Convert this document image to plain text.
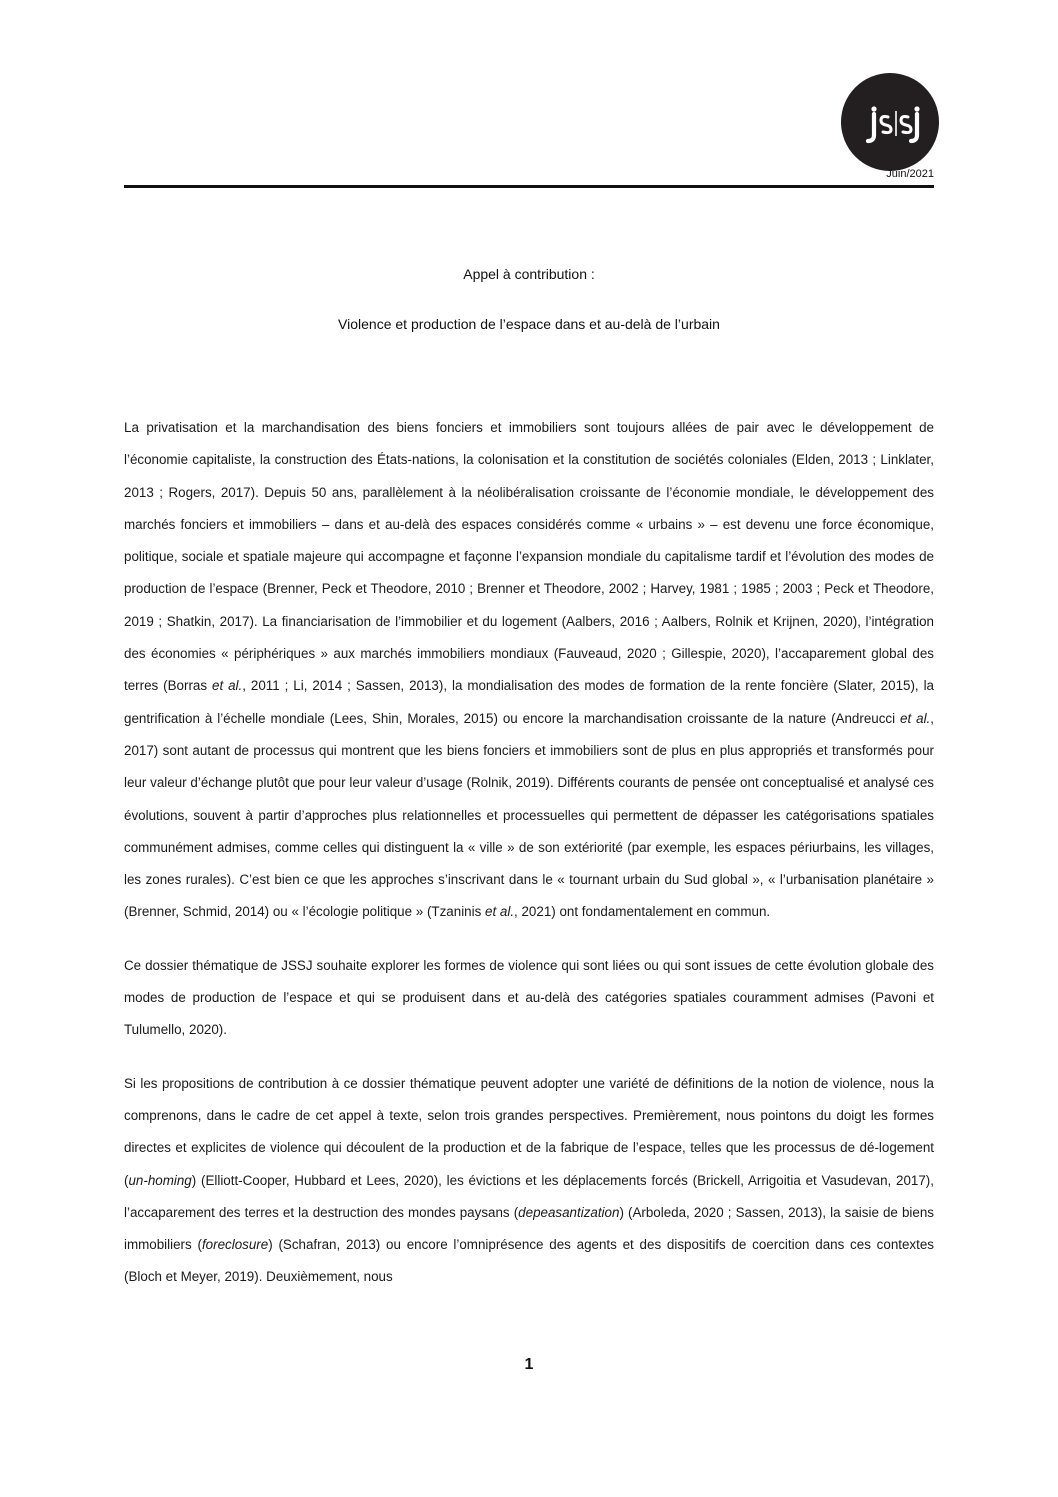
Juin/2021
Appel à contribution :
Violence et production de l’espace dans et au-delà de l’urbain

La privatisation et la marchandisation des biens fonciers et immobiliers sont toujours allées de pair avec le développement de l’économie capitaliste, la construction des États-nations, la colonisation et la constitution de sociétés coloniales (Elden, 2013 ; Linklater, 2013 ; Rogers, 2017). Depuis 50 ans, parallèlement à la néolibéralisation croissante de l’économie mondiale, le développement des marchés fonciers et immobiliers – dans et au-delà des espaces considérés comme « urbains » – est devenu une force économique, politique, sociale et spatiale majeure qui accompagne et façonne l’expansion mondiale du capitalisme tardif et l’évolution des modes de production de l’espace (Brenner, Peck et Theodore, 2010 ; Brenner et Theodore, 2002 ; Harvey, 1981 ; 1985 ; 2003 ; Peck et Theodore, 2019 ; Shatkin, 2017). La financiarisation de l’immobilier et du logement (Aalbers, 2016 ; Aalbers, Rolnik et Krijnen, 2020), l’intégration des économies « périphériques » aux marchés immobiliers mondiaux (Fauveaud, 2020 ; Gillespie, 2020), l’accaparement global des terres (Borras et al., 2011 ; Li, 2014 ; Sassen, 2013), la mondialisation des modes de formation de la rente foncière (Slater, 2015), la gentrification à l’échelle mondiale (Lees, Shin, Morales, 2015) ou encore la marchandisation croissante de la nature (Andreucci et al., 2017) sont autant de processus qui montrent que les biens fonciers et immobiliers sont de plus en plus appropriés et transformés pour leur valeur d’échange plutôt que pour leur valeur d’usage (Rolnik, 2019). Différents courants de pensée ont conceptualisé et analysé ces évolutions, souvent à partir d’approches plus relationnelles et processuelles qui permettent de dépasser les catégorisations spatiales communément admises, comme celles qui distinguent la « ville » de son extériorité (par exemple, les espaces périurbains, les villages, les zones rurales). C’est bien ce que les approches s’inscrivant dans le « tournant urbain du Sud global », « l’urbanisation planétaire » (Brenner, Schmid, 2014) ou « l’écologie politique » (Tzaninis et al., 2021) ont fondamentalement en commun.

Ce dossier thématique de JSSJ souhaite explorer les formes de violence qui sont liées ou qui sont issues de cette évolution globale des modes de production de l’espace et qui se produisent dans et au-delà des catégories spatiales couramment admises (Pavoni et Tulumello, 2020).

Si les propositions de contribution à ce dossier thématique peuvent adopter une variété de définitions de la notion de violence, nous la comprenons, dans le cadre de cet appel à texte, selon trois grandes perspectives. Premièrement, nous pointons du doigt les formes directes et explicites de violence qui découlent de la production et de la fabrique de l’espace, telles que les processus de dé-logement (un-homing) (Elliott-Cooper, Hubbard et Lees, 2020), les évictions et les déplacements forcés (Brickell, Arrigoitia et Vasudevan, 2017), l’accaparement des terres et la destruction des mondes paysans (depeasantization) (Arboleda, 2020 ; Sassen, 2013), la saisie de biens immobiliers (foreclosure) (Schafran, 2013) ou encore l’omniprésence des agents et des dispositifs de coercition dans ces contextes (Bloch et Meyer, 2019). Deuxièmement, nous

1
